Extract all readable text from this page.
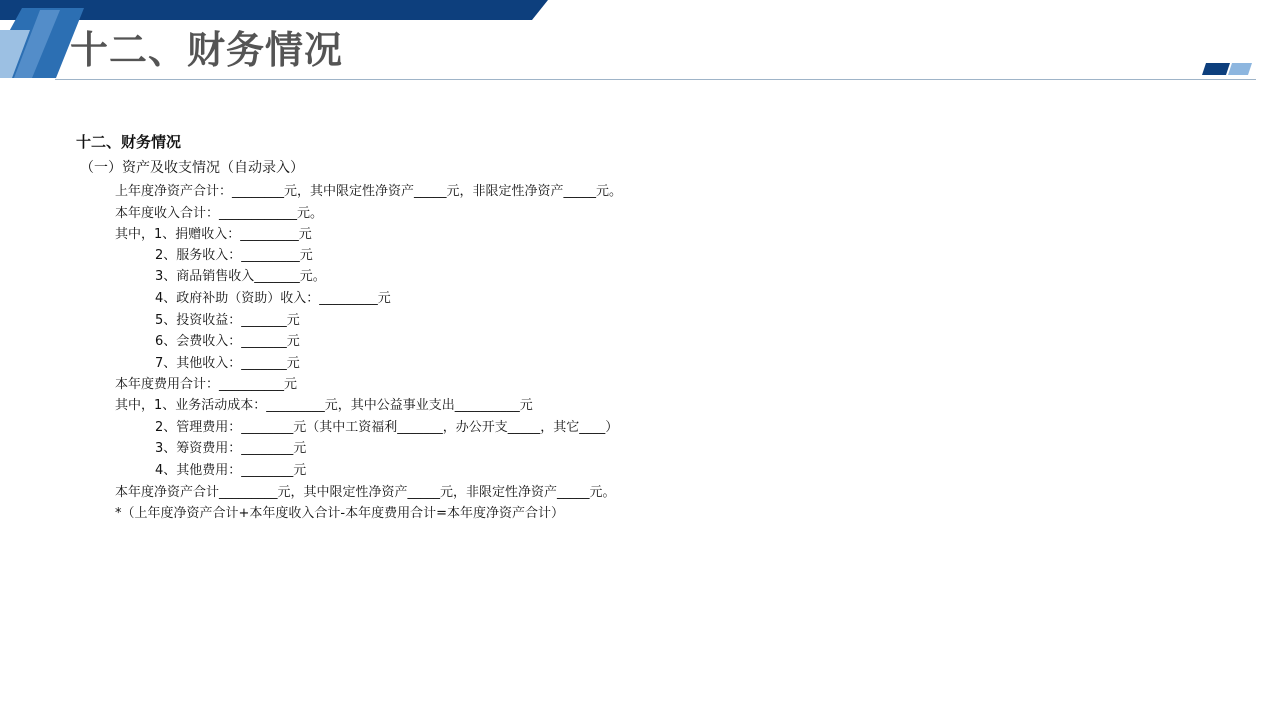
十二、财务情况
十二、财务情况
（一）资产及收支情况（自动录入）
上年度净资产合计：________元，其中限定性净资产_____元，非限定性净资产_____元。
本年度收入合计：____________元。
其中，1、捐赠收入：_________元
2、服务收入：_________元
3、商品销售收入_______元。
4、政府补助（资助）收入：_________元
5、投资收益：_______元
6、会费收入：_______元
7、其他收入：_______元
本年度费用合计：__________元
其中，1、业务活动成本：_________元，其中公益事业支出__________元
2、管理费用：________元（其中工资福利_______，办公开支_____，其它____）
3、筹资费用：________元
4、其他费用：________元
本年度净资产合计_________元，其中限定性净资产_____元，非限定性净资产_____元。
*（上年度净资产合计+本年度收入合计-本年度费用合计=本年度净资产合计）
